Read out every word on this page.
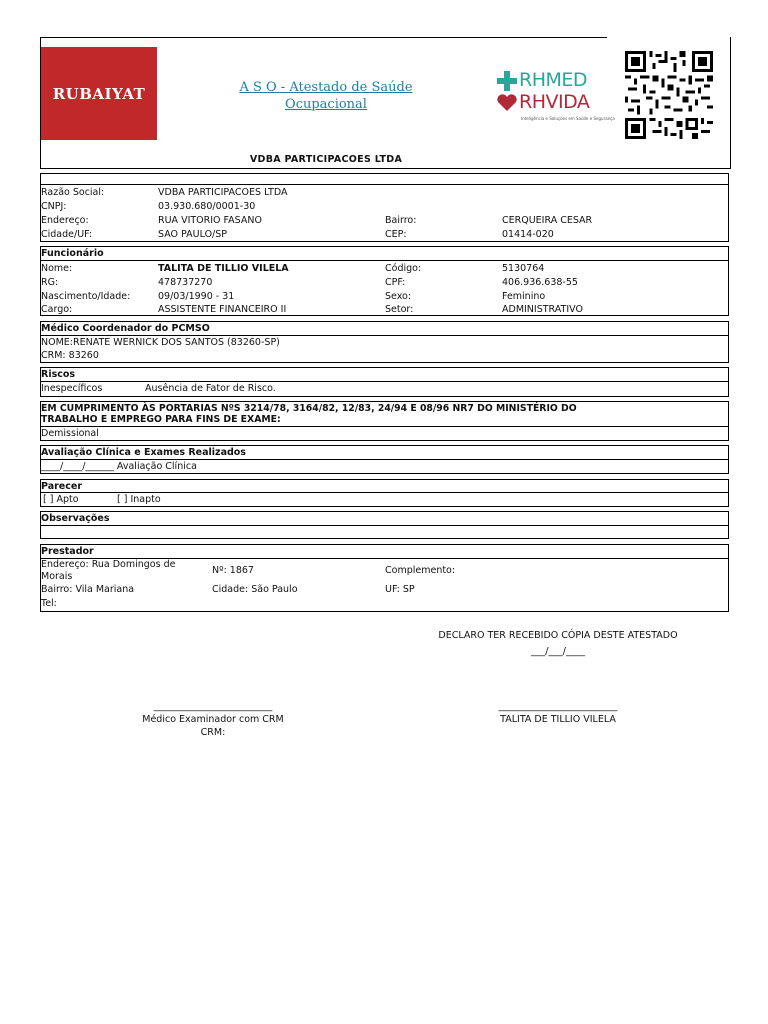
RUBAIYAT	A S O - Atestado de Saúde
Ocupacional
RHMED
RHVIDA
Inteligência e Soluções em Saúde e Segurança
VDBA PARTICIPACOES LTDA
Razão Social:	VDBA PARTICIPACOES LTDA
CNPJ:	03.930.680/0001-30
Endereço:	RUA VITORIO FASANO	Bairro:	CERQUEIRA CESAR
Cidade/UF:	SAO PAULO/SP	CEP:	01414-020
Funcionário
Nome:	TALITA DE TILLIO VILELA	Código:	5130764
RG:	478737270	CPF:	406.936.638-55
Nascimento/Idade:	09/03/1990 - 31	Sexo:	Feminino
Cargo:	ASSISTENTE FINANCEIRO II	Setor:	ADMINISTRATIVO
Médico Coordenador do PCMSO
NOME:RENATE WERNICK DOS SANTOS (83260-SP)
CRM: 83260
Riscos
Inespecíficos	Ausência de Fator de Risco.
EM CUMPRIMENTO ÀS PORTARIAS NºS 3214/78, 3164/82, 12/83, 24/94 E 08/96 NR7 DO MINISTÉRIO DO
TRABALHO E EMPREGO PARA FINS DE EXAME:
Demissional
Avaliação Clínica e Exames Realizados
____/____/______ Avaliação Clínica
Parecer
[ ] Apto	[ ] Inapto
Observações
Prestador
Endereço: Rua Domingos de
Morais
Nº: 1867	Complemento:
Bairro: Vila Mariana	Cidade: São Paulo	UF: SP
Tel:
DECLARO TER RECEBIDO CÓPIA DESTE ATESTADO
___/___/____
_________________________
Médico Examinador com CRM
CRM:
_________________________
TALITA DE TILLIO VILELA
